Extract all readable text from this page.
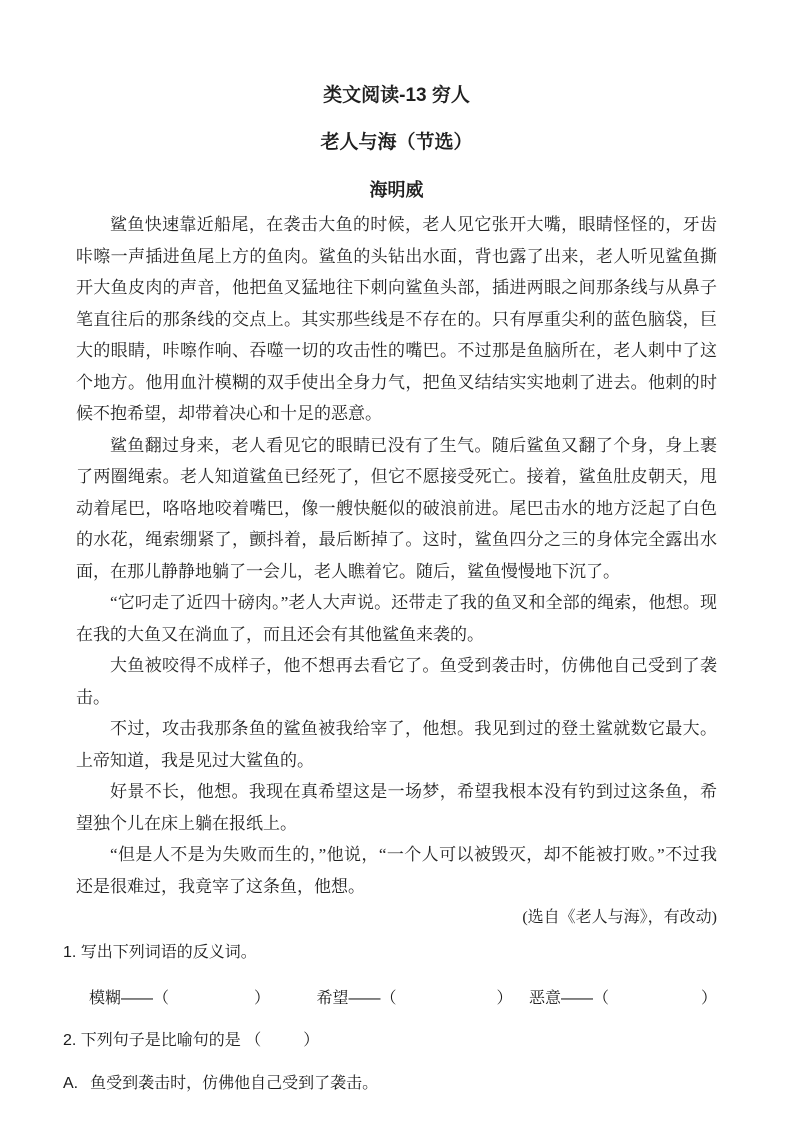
类文阅读-13 穷人
老人与海（节选）
海明威

鲨鱼快速靠近船尾，在袭击大鱼的时候，老人见它张开大嘴，眼睛怪怪的，牙齿咔嚓一声插进鱼尾上方的鱼肉。鲨鱼的头钻出水面，背也露了出来，老人听见鲨鱼撕开大鱼皮肉的声音，他把鱼叉猛地往下刺向鲨鱼头部，插进两眼之间那条线与从鼻子笔直往后的那条线的交点上。其实那些线是不存在的。只有厚重尖利的蓝色脑袋，巨大的眼睛，咔嚓作响、吞噬一切的攻击性的嘴巴。不过那是鱼脑所在，老人刺中了这个地方。他用血汁模糊的双手使出全身力气，把鱼叉结结实实地刺了进去。他刺的时候不抱希望，却带着决心和十足的恶意。

鲨鱼翻过身来，老人看见它的眼睛已没有了生气。随后鲨鱼又翻了个身，身上裹了两圈绳索。老人知道鲨鱼已经死了，但它不愿接受死亡。接着，鲨鱼肚皮朝天，甩动着尾巴，咯咯地咬着嘴巴，像一艘快艇似的破浪前进。尾巴击水的地方泛起了白色的水花，绳索绷紧了，颤抖着，最后断掉了。这时，鲨鱼四分之三的身体完全露出水面，在那儿静静地躺了一会儿，老人瞧着它。随后，鲨鱼慢慢地下沉了。

“它叼走了近四十磅肉。”老人大声说。还带走了我的鱼叉和全部的绳索，他想。现在我的大鱼又在淌血了，而且还会有其他鲨鱼来袭的。

大鱼被咬得不成样子，他不想再去看它了。鱼受到袭击时，仿佛他自己受到了袭击。

不过，攻击我那条鱼的鲨鱼被我给宰了，他想。我见到过的登土鲨就数它最大。上帝知道，我是见过大鲨鱼的。

好景不长，他想。我现在真希望这是一场梦，希望我根本没有钓到过这条鱼，希望独个儿在床上躺在报纸上。

“但是人不是为失败而生的，”他说，“一个人可以被毁灭，却不能被打败。”不过我还是很难过，我竟宰了这条鱼，他想。

(选自《老人与海》，有改动)
1. 写出下列词语的反义词。
模糊——（	）	希望——（	） 恶意——（	）
2. 下列句子是比喻句的是 （	）
A. 鱼受到袭击时，仿佛他自己受到了袭击。
